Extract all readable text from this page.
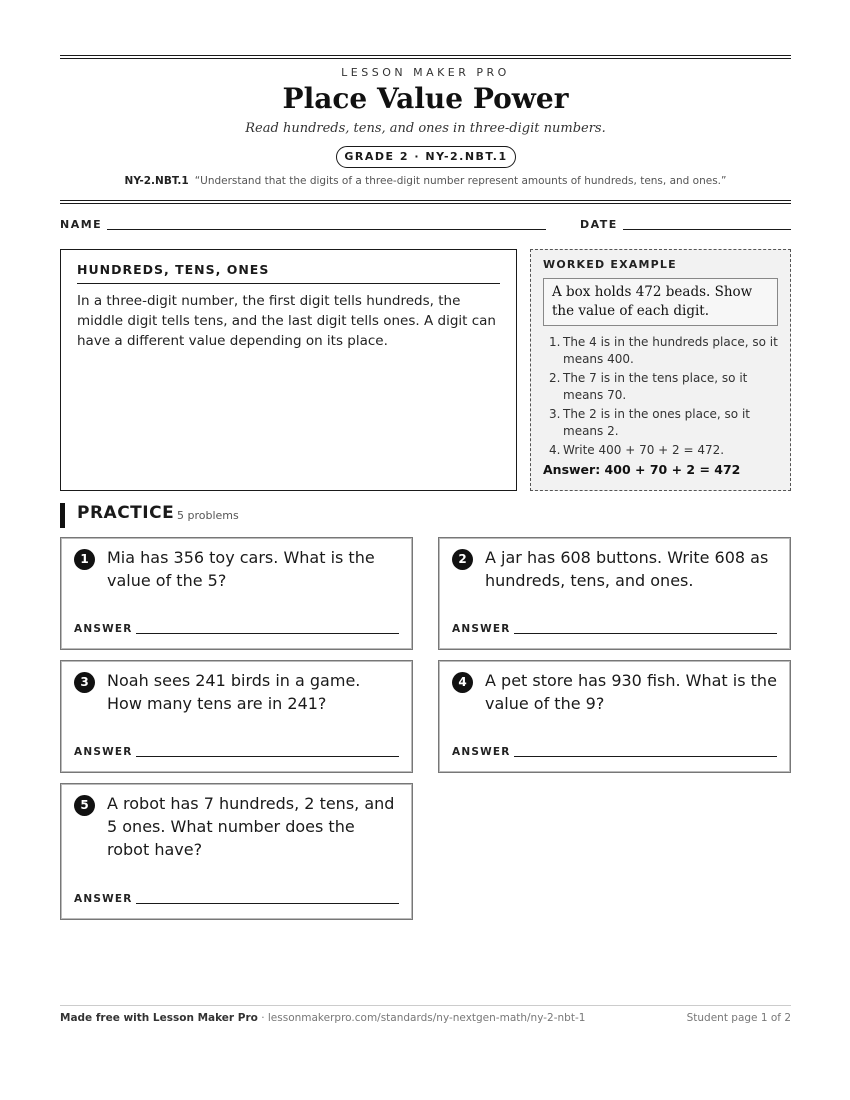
LESSON MAKER PRO
Place Value Power
Read hundreds, tens, and ones in three-digit numbers.
GRADE 2 · NY-2.NBT.1
NY-2.NBT.1 “Understand that the digits of a three-digit number represent amounts of hundreds, tens, and ones.”
NAME	DATE
HUNDREDS, TENS, ONES
In a three-digit number, the first digit tells hundreds, the middle digit tells tens, and the last digit tells ones. A digit can have a different value depending on its place.
WORKED EXAMPLE
A box holds 472 beads. Show the value of each digit.
1. The 4 is in the hundreds place, so it means 400.
2. The 7 is in the tens place, so it means 70.
3. The 2 is in the ones place, so it means 2.
4. Write 400 + 70 + 2 = 472.
Answer: 400 + 70 + 2 = 472
PRACTICE 5 problems
1	Mia has 356 toy cars. What is the value of the 5?
ANSWER
2	A jar has 608 buttons. Write 608 as hundreds, tens, and ones.
ANSWER
3	Noah sees 241 birds in a game. How many tens are in 241?
ANSWER
4	A pet store has 930 fish. What is the value of the 9?
ANSWER
5	A robot has 7 hundreds, 2 tens, and 5 ones. What number does the robot have?
ANSWER
Made free with Lesson Maker Pro · lessonmakerpro.com/standards/ny-nextgen-math/ny-2-nbt-1	Student page 1 of 2
